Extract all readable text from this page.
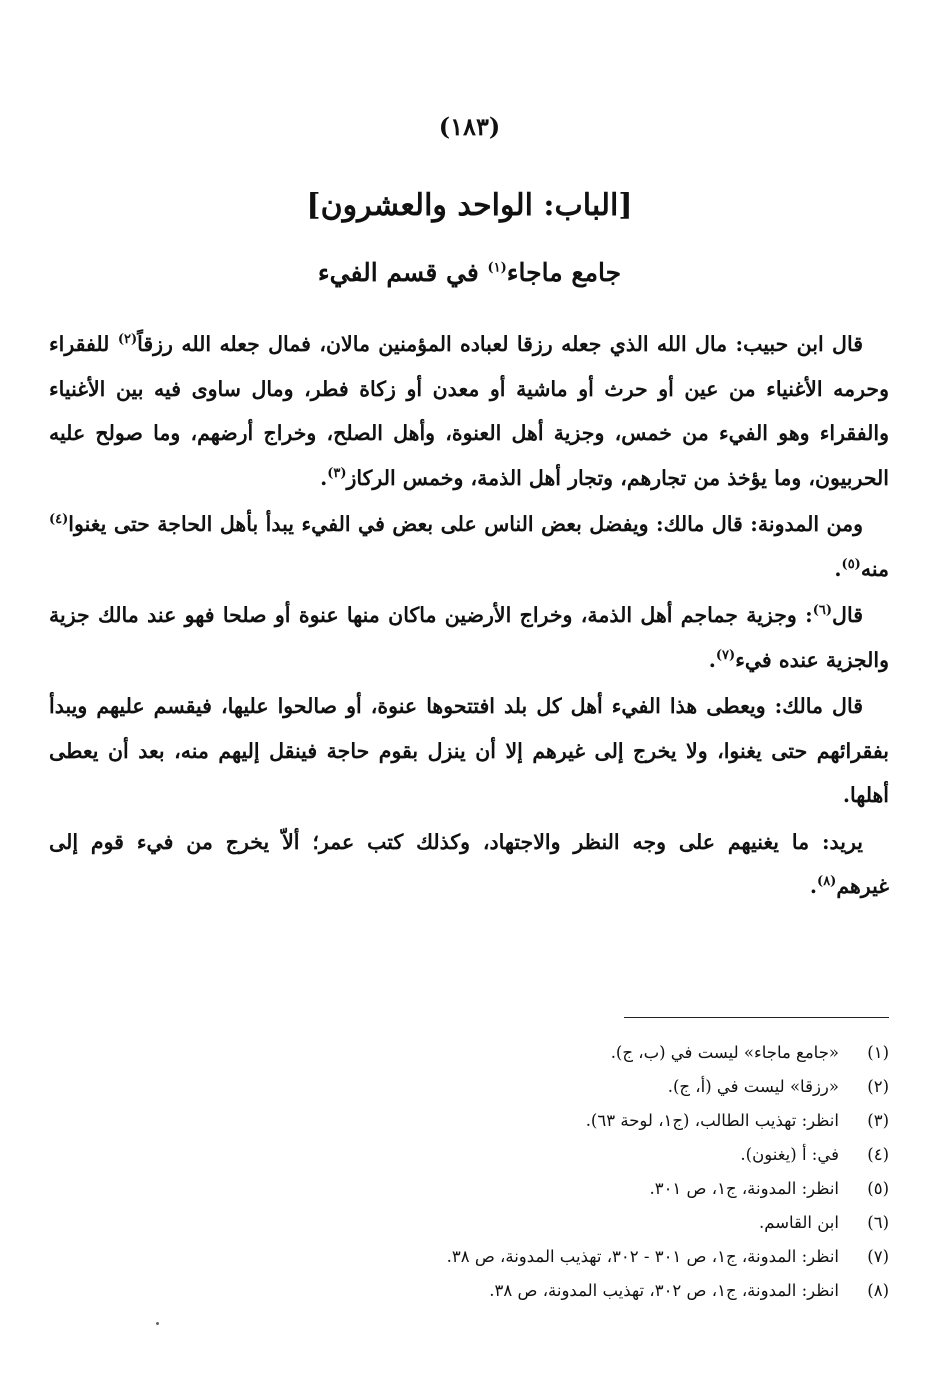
(١٨٣)
[الباب: الواحد والعشرون]
جامع ماجاء$^{(١)}$ في قسم الفيء

قال ابن حبيب: مال الله الذي جعله رزقا لعباده المؤمنين مالان، فمال جعله الله رزقاً$^{(٢)}$ للفقراء وحرمه الأغنياء من عين أو حرث أو ماشية أو معدن أو زكاة فطر، ومال ساوى فيه بين الأغنياء والفقراء وهو الفيء من خمس، وجزية أهل العنوة، وأهل الصلح، وخراج أرضهم، وما صولح عليه الحربيون، وما يؤخذ من تجارهم، وتجار أهل الذمة، وخمس الركاز$^{(٣)}$.

ومن المدونة: قال مالك: ويفضل بعض الناس على بعض في الفيء يبدأ بأهل الحاجة حتى يغنوا$^{(٤)}$ منه$^{(٥)}$.

قال$^{(٦)}$: وجزية جماجم أهل الذمة، وخراج الأرضين ماكان منها عنوة أو صلحا فهو عند مالك جزية والجزية عنده فيء$^{(٧)}$.

قال مالك: ويعطى هذا الفيء أهل كل بلد افتتحوها عنوة، أو صالحوا عليها، فيقسم عليهم ويبدأ بفقرائهم حتى يغنوا، ولا يخرج إلى غيرهم إلا أن ينزل بقوم حاجة فينقل إليهم منه، بعد أن يعطى أهلها.

يريد: ما يغنيهم على وجه النظر والاجتهاد، وكذلك كتب عمر؛ ألاّ يخرج من فيء قوم إلى غيرهم$^{(٨)}$.

(١)
«جامع ماجاء» ليست في (ب، ج).
(٢)
«رزقا» ليست في (أ، ج).
(٣)
انظر: تهذيب الطالب، (ج١، لوحة ٦٣).
(٤)
في: أ (يغنون).
(٥)
انظر: المدونة، ج١، ص ٣٠١.
(٦)
ابن القاسم.
(٧)
انظر: المدونة، ج١، ص ٣٠١ - ٣٠٢، تهذيب المدونة، ص ٣٨.
(٨)
انظر: المدونة، ج١، ص ٣٠٢، تهذيب المدونة، ص ٣٨.
